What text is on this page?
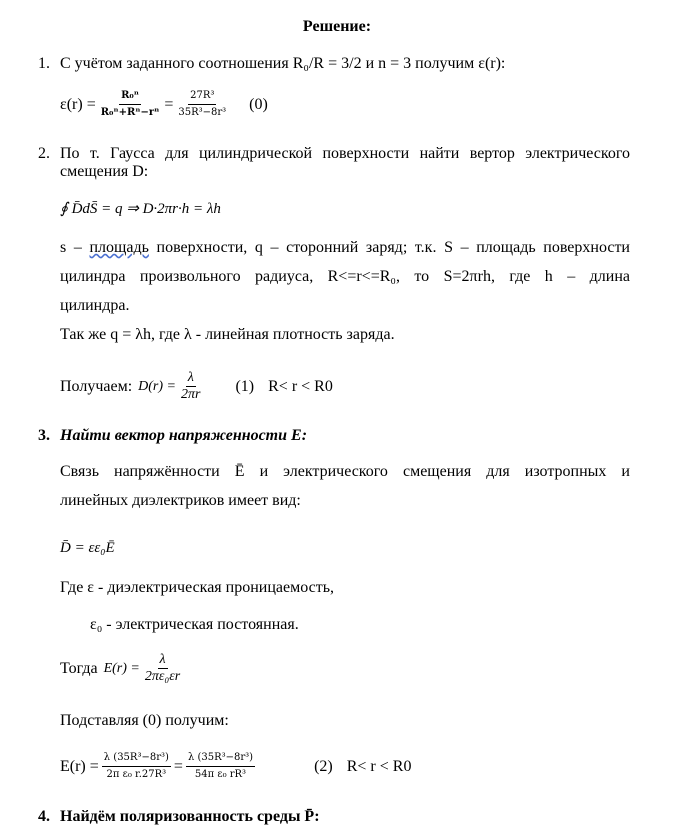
Решение:
1. С учётом заданного соотношения R₀/R = 3/2 и n = 3 получим ε(r):
$\varepsilon(r) = \frac{\text{R₀ⁿ}}{\text{R₀ⁿ+Rⁿ−rⁿ}} = \frac{\text{27R³}}{\text{35R³−8r³}} (0)$
2. По т. Гаусса для цилиндрической поверхности найти вертор электрического
смещения D:
∮ D̄dS̄ = q ⇒ D·2πr·h = λh
s – площадь поверхности, q – сторонний заряд; т.к. S – площадь поверхности
цилиндра произвольного радиуса, R<=r<=R₀, то S=2πrh, где h – длина
цилиндра.
Так же q = λh, где λ - линейная плотность заряда.
Получаем: $D(r) = \frac{\lambda}{2\pi r} (1)$ R< r < R0
3. Найти вектор напряженности E:
Связь напряжённости Ē и электрического смещения для изотропных и
линейных диэлектриков имеет вид:
D̄ = εε₀Ē
Где ε - диэлектрическая проницаемость,
ε₀ - электрическая постоянная.
Тогда $E(r) = \frac{\lambda}{\text{2πε₀εr}}$
Подставляя (0) получим:
$E(r) = \frac{\text{λ (35R³−8r³)}}{\text{2π ε₀ r.27R³}} = \frac{\text{λ (35R³−8r³)}}{\text{54π ε₀ rR³}}$	(2) R< r < R0
4. Найдём поляризованность среды P̄:
